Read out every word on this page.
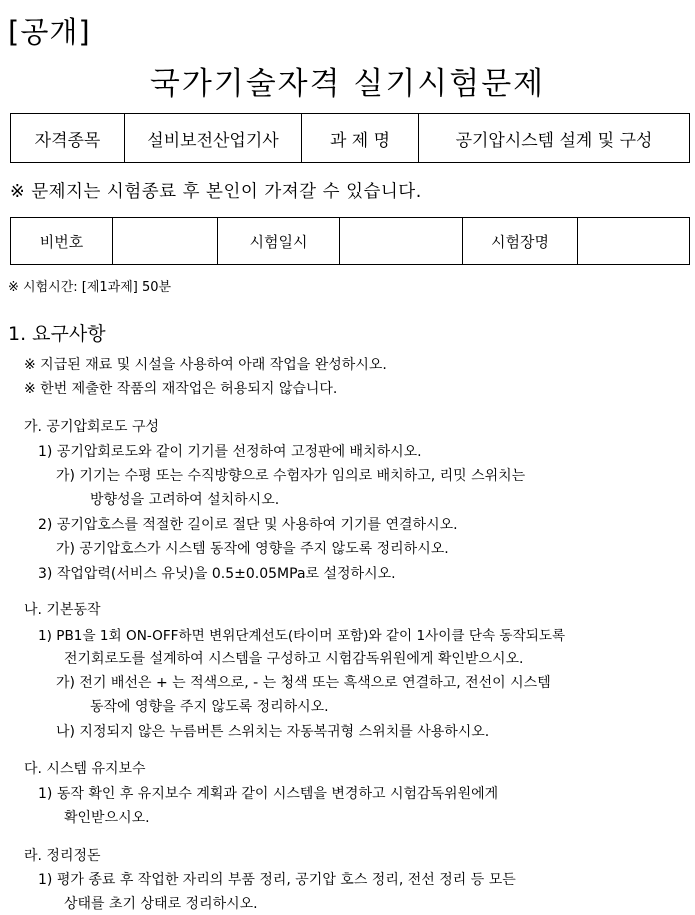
[공개]
국가기술자격 실기시험문제
자격종목	설비보전산업기사	과 제 명	공기압시스템 설계 및 구성
※ 문제지는 시험종료 후 본인이 가져갈 수 있습니다.
비번호		시험일시		시험장명	
※ 시험시간: [제1과제] 50분
1. 요구사항
※ 지급된 재료 및 시설을 사용하여 아래 작업을 완성하시오.
※ 한번 제출한 작품의 재작업은 허용되지 않습니다.
가. 공기압회로도 구성
1) 공기압회로도와 같이 기기를 선정하여 고정판에 배치하시오.
가) 기기는 수평 또는 수직방향으로 수험자가 임의로 배치하고, 리밋 스위치는
방향성을 고려하여 설치하시오.
2) 공기압호스를 적절한 길이로 절단 및 사용하여 기기를 연결하시오.
가) 공기압호스가 시스템 동작에 영향을 주지 않도록 정리하시오.
3) 작업압력(서비스 유닛)을 0.5±0.05MPa로 설정하시오.
나. 기본동작
1) PB1을 1회 ON-OFF하면 변위단계선도(타이머 포함)와 같이 1사이클 단속 동작되도록
전기회로도를 설계하여 시스템을 구성하고 시험감독위원에게 확인받으시오.
가) 전기 배선은 + 는 적색으로, - 는 청색 또는 흑색으로 연결하고, 전선이 시스템
동작에 영향을 주지 않도록 정리하시오.
나) 지정되지 않은 누름버튼 스위치는 자동복귀형 스위치를 사용하시오.
다. 시스템 유지보수
1) 동작 확인 후 유지보수 계획과 같이 시스템을 변경하고 시험감독위원에게
확인받으시오.
라. 정리정돈
1) 평가 종료 후 작업한 자리의 부품 정리, 공기압 호스 정리, 전선 정리 등 모든
상태를 초기 상태로 정리하시오.
